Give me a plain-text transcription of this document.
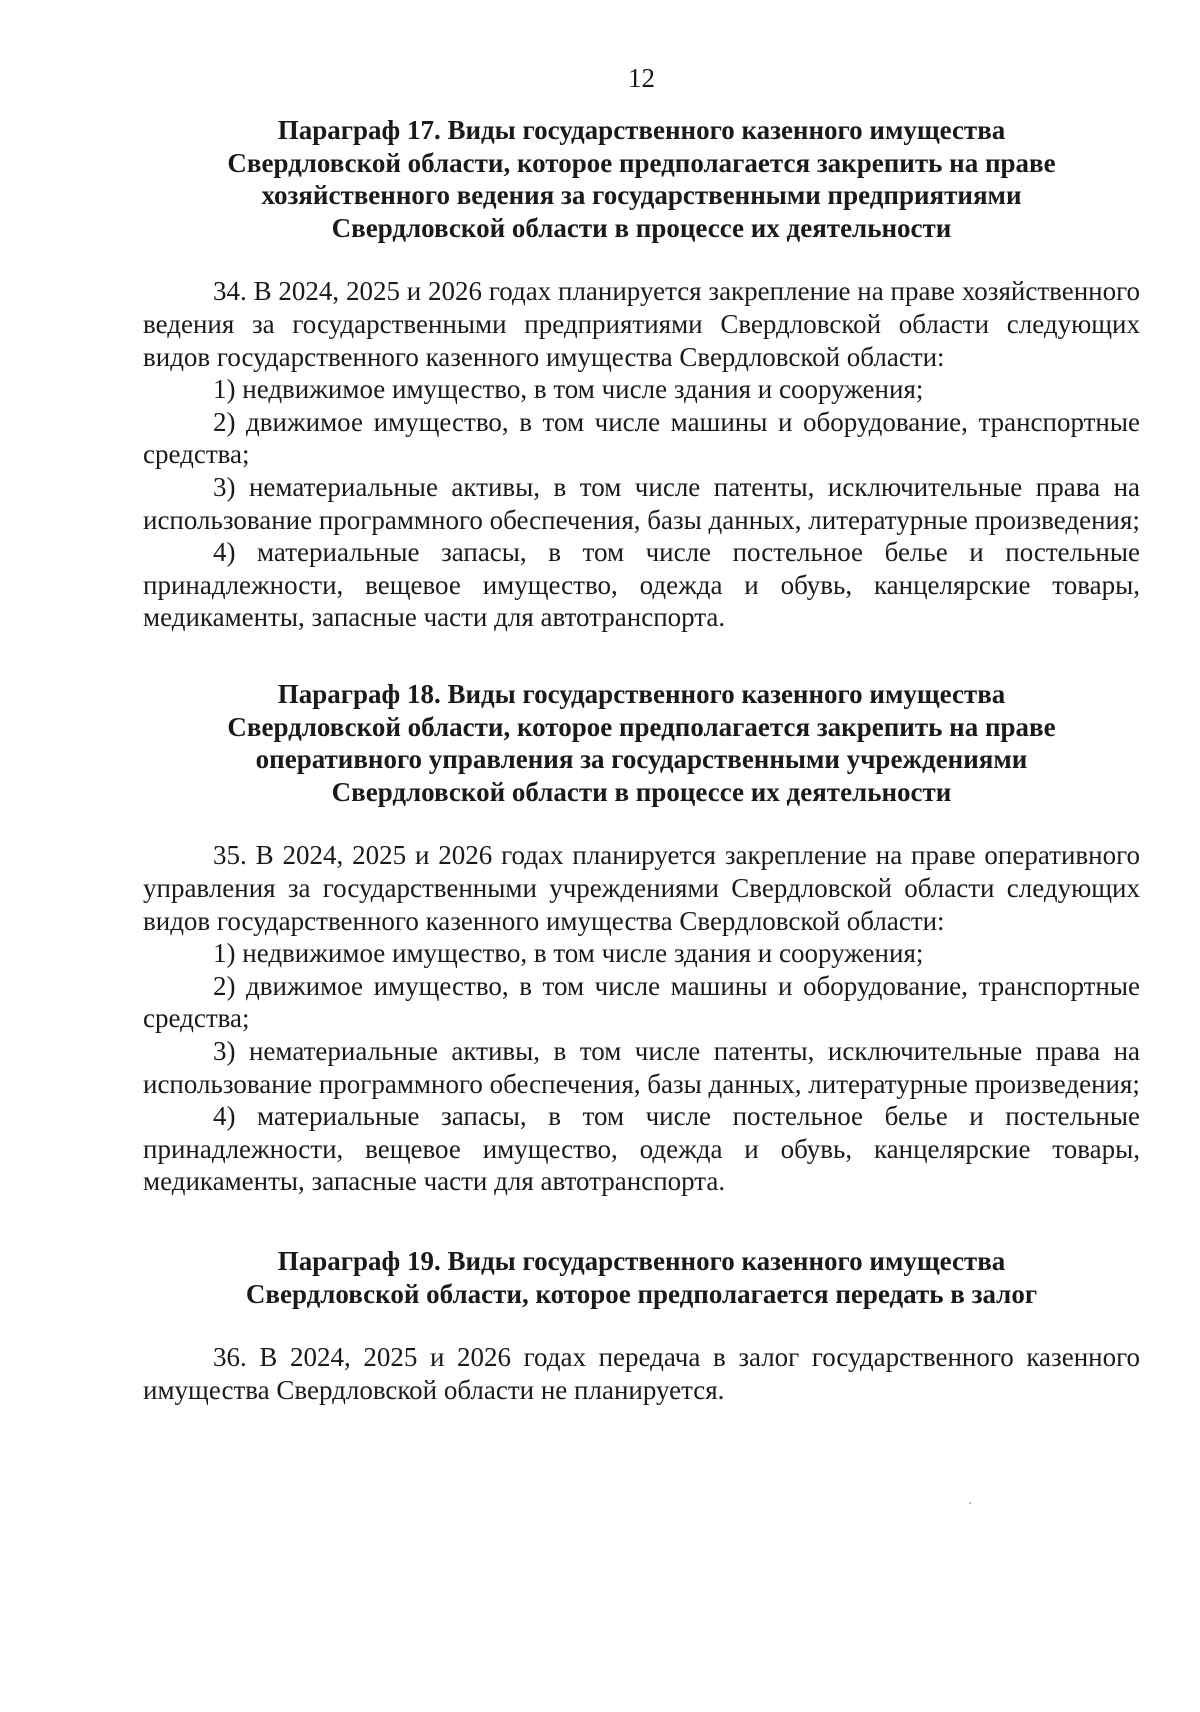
12
Параграф 17. Виды государственного казенного имущества
Свердловской области, которое предполагается закрепить на праве
хозяйственного ведения за государственными предприятиями
Свердловской области в процессе их деятельности

34. В 2024, 2025 и 2026 годах планируется закрепление на праве хозяйственного ведения за государственными предприятиями Свердловской области следующих видов государственного казенного имущества Свердловской области:

1) недвижимое имущество, в том числе здания и сооружения;

2) движимое имущество, в том числе машины и оборудование, транспортные средства;

3) нематериальные активы, в том числе патенты, исключительные права на использование программного обеспечения, базы данных, литературные произведения;

4) материальные запасы, в том числе постельное белье и постельные принадлежности, вещевое имущество, одежда и обувь, канцелярские товары, медикаменты, запасные части для автотранспорта.

Параграф 18. Виды государственного казенного имущества
Свердловской области, которое предполагается закрепить на праве
оперативного управления за государственными учреждениями
Свердловской области в процессе их деятельности

35. В 2024, 2025 и 2026 годах планируется закрепление на праве оперативного управления за государственными учреждениями Свердловской области следующих видов государственного казенного имущества Свердловской области:

1) недвижимое имущество, в том числе здания и сооружения;

2) движимое имущество, в том числе машины и оборудование, транспортные средства;

3) нематериальные активы, в том числе патенты, исключительные права на использование программного обеспечения, базы данных, литературные произведения;

4) материальные запасы, в том числе постельное белье и постельные принадлежности, вещевое имущество, одежда и обувь, канцелярские товары, медикаменты, запасные части для автотранспорта.

Параграф 19. Виды государственного казенного имущества
Свердловской области, которое предполагается передать в залог

36. В 2024, 2025 и 2026 годах передача в залог государственного казенного имущества Свердловской области не планируется.
